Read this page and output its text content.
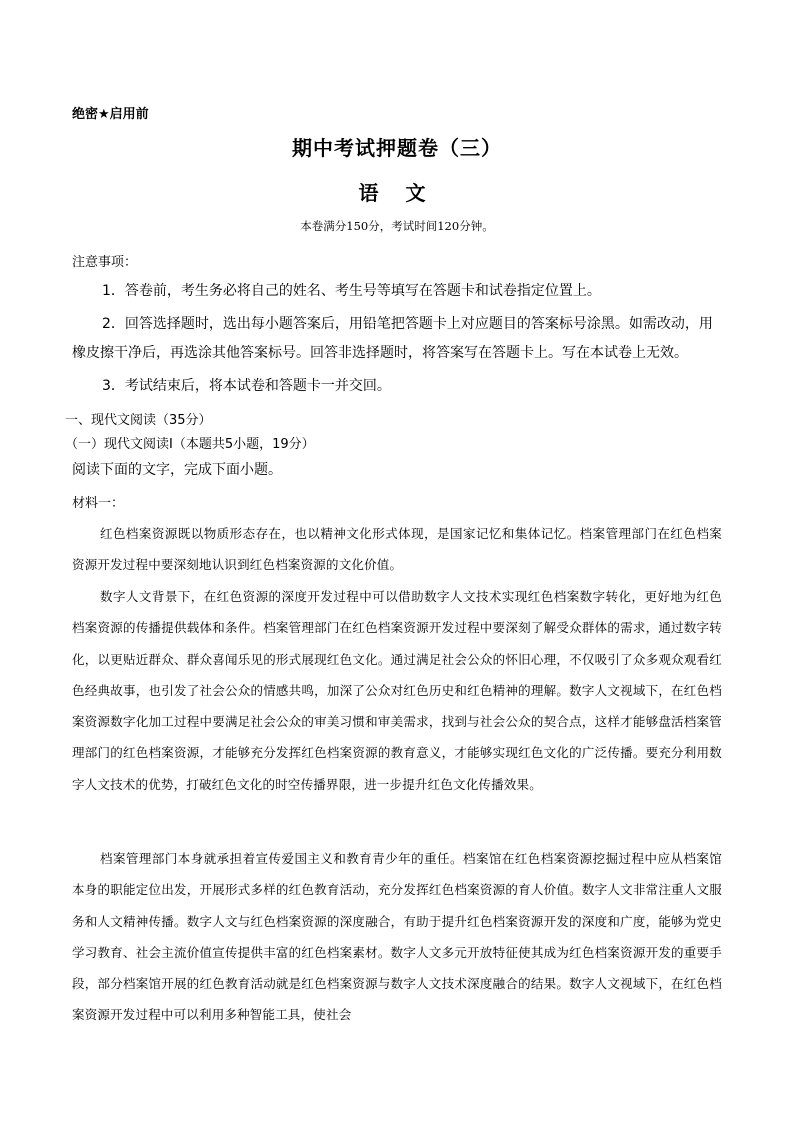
绝密★启用前
期中考试押题卷（三）
语 文
本卷满分150分，考试时间120分钟。
注意事项：
1．答卷前，考生务必将自己的姓名、考生号等填写在答题卡和试卷指定位置上。
2．回答选择题时，选出每小题答案后，用铅笔把答题卡上对应题目的答案标号涂黑。如需改动，用橡皮擦干净后，再选涂其他答案标号。回答非选择题时，将答案写在答题卡上。写在本试卷上无效。
3．考试结束后，将本试卷和答题卡一并交回。
一、现代文阅读（35分）
（一）现代文阅读Ⅰ（本题共5小题，19分）
阅读下面的文字，完成下面小题。
材料一：
红色档案资源既以物质形态存在，也以精神文化形式体现，是国家记忆和集体记忆。档案管理部门在红色档案资源开发过程中要深刻地认识到红色档案资源的文化价值。
数字人文背景下，在红色资源的深度开发过程中可以借助数字人文技术实现红色档案数字转化，更好地为红色档案资源的传播提供载体和条件。档案管理部门在红色档案资源开发过程中要深刻了解受众群体的需求，通过数字转化，以更贴近群众、群众喜闻乐见的形式展现红色文化。通过满足社会公众的怀旧心理，不仅吸引了众多观众观看红色经典故事，也引发了社会公众的情感共鸣，加深了公众对红色历史和红色精神的理解。数字人文视域下，在红色档案资源数字化加工过程中要满足社会公众的审美习惯和审美需求，找到与社会公众的契合点，这样才能够盘活档案管理部门的红色档案资源，才能够充分发挥红色档案资源的教育意义，才能够实现红色文化的广泛传播。要充分利用数字人文技术的优势，打破红色文化的时空传播界限，进一步提升红色文化传播效果。
档案管理部门本身就承担着宣传爱国主义和教育青少年的重任。档案馆在红色档案资源挖掘过程中应从档案馆本身的职能定位出发，开展形式多样的红色教育活动，充分发挥红色档案资源的育人价值。数字人文非常注重人文服务和人文精神传播。数字人文与红色档案资源的深度融合，有助于提升红色档案资源开发的深度和广度，能够为党史学习教育、社会主流价值宣传提供丰富的红色档案素材。数字人文多元开放特征使其成为红色档案资源开发的重要手段，部分档案馆开展的红色教育活动就是红色档案资源与数字人文技术深度融合的结果。数字人文视域下，在红色档案资源开发过程中可以利用多种智能工具，使社会
